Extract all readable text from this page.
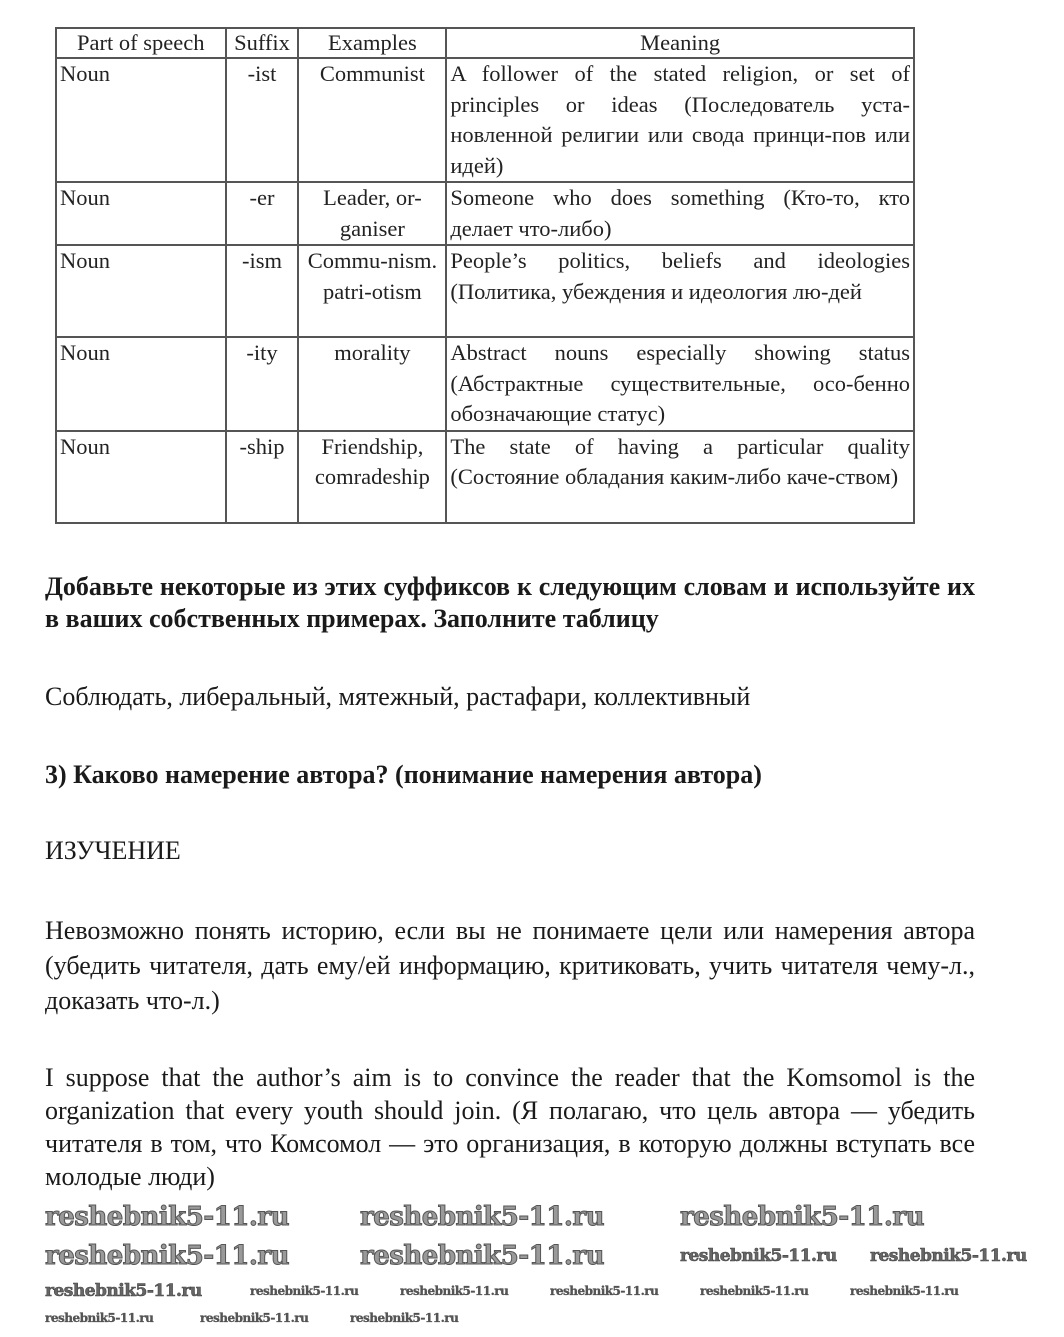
Part of speech	Suffix	Examples	Meaning
Noun	-ist	Communist	A follower of the stated religion, or set of principles or ideas (Последователь уста-новленной религии или свода принци-пов или идей)
Noun	-er	Leader, or-ganiser	Someone who does something (Кто-то, кто делает что-либо)
Noun	-ism	Commu-nism. patri-otism	People’s politics, beliefs and ideologies (Политика, убеждения и идеология лю-дей
Noun	-ity	morality	Abstract nouns especially showing status (Абстрактные существительные, осо-бенно обозначающие статус)
Noun	-ship	Friendship, comradeship	The state of having a particular quality (Состояние обладания каким-либо каче-ством)
Добавьте некоторые из этих суффиксов к следующим словам и используйте их в ваших собственных примерах. Заполните таблицу
Соблюдать, либеральный, мятежный, растафари, коллективный
3) Каково намерение автора? (понимание намерения автора)
ИЗУЧЕНИЕ
Невозможно понять историю, если вы не понимаете цели или намерения автора (убедить читателя, дать ему/ей информацию, критиковать, учить читателя чему-л., доказать что-л.)
I suppose that the author’s aim is to convince the reader that the Komsomol is the organization that every youth should join. (Я полагаю, что цель автора — убедить читателя в том, что Комсомол — это организация, в которую должны вступать все молодые люди)
reshebnik5-11.ru	reshebnik5-11.ru	reshebnik5-11.ru
reshebnik5-11.ru	reshebnik5-11.ru	reshebnik5-11.ru reshebnik5-11.ru
reshebnik5-11.ru	reshebnik5-11.ru	reshebnik5-11.ru	reshebnik5-11.ru	reshebnik5-11.ru	reshebnik5-11.ru
reshebnik5-11.ru	reshebnik5-11.ru	reshebnik5-11.ru
